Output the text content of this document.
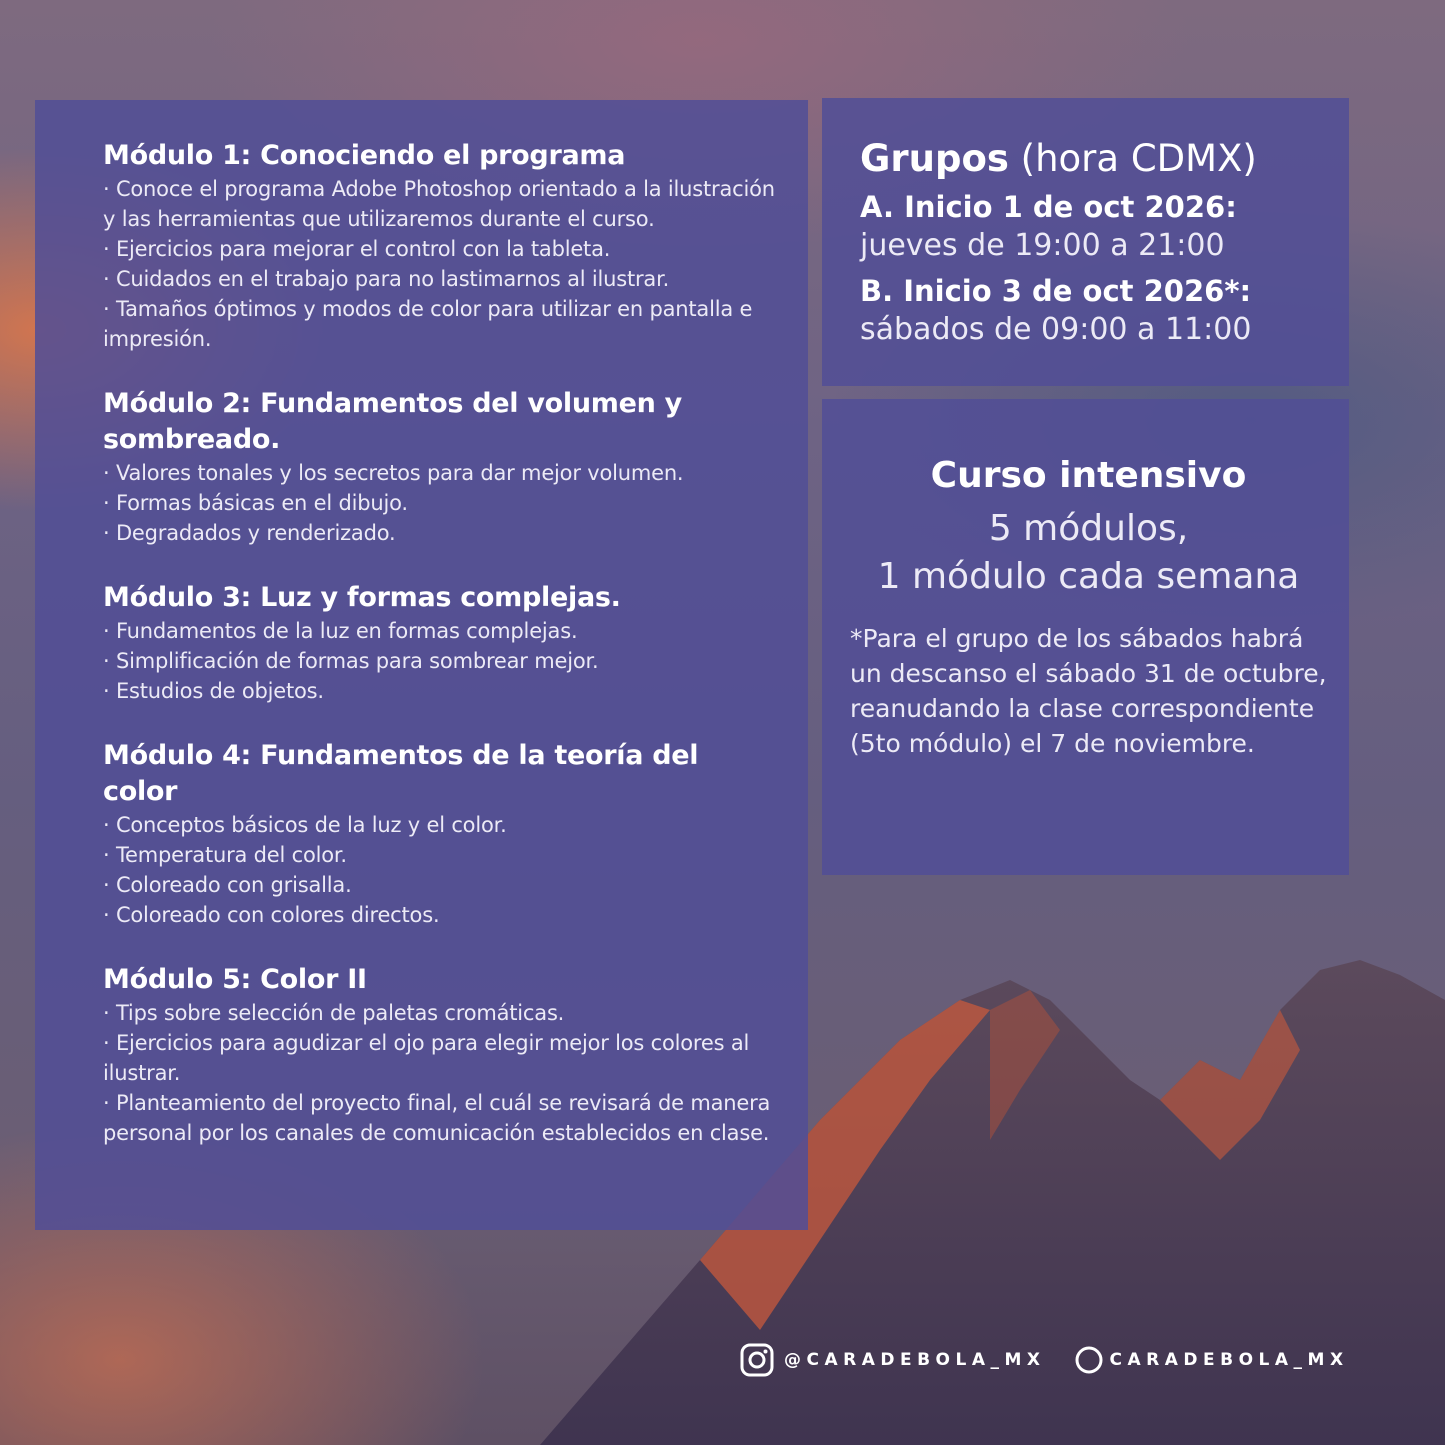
Módulo 1: Conociendo el programa
· Conoce el programa Adobe Photoshop orientado a la ilustración y las herramientas que utilizaremos durante el curso.
· Ejercicios para mejorar el control con la tableta.
· Cuidados en el trabajo para no lastimarnos al ilustrar.
· Tamaños óptimos y modos de color para utilizar en pantalla e impresión.
Módulo 2: Fundamentos del volumen y sombreado.
· Valores tonales y los secretos para dar mejor volumen.
· Formas básicas en el dibujo.
· Degradados y renderizado.
Módulo 3: Luz y formas complejas.
· Fundamentos de la luz en formas complejas.
· Simplificación de formas para sombrear mejor.
· Estudios de objetos.
Módulo 4: Fundamentos de la teoría del color
· Conceptos básicos de la luz y el color.
· Temperatura del color.
· Coloreado con grisalla.
· Coloreado con colores directos.
Módulo 5: Color II
· Tips sobre selección de paletas cromáticas.
· Ejercicios para agudizar el ojo para elegir mejor los colores al ilustrar.
· Planteamiento del proyecto final, el cuál se revisará de manera personal por los canales de comunicación establecidos en clase.
Grupos (hora CDMX)
A. Inicio 1 de oct 2026:
jueves de 19:00 a 21:00
B. Inicio 3 de oct 2026*:
sábados de 09:00 a 11:00
Curso intensivo
5 módulos,
1 módulo cada semana
*Para el grupo de los sábados habrá un descanso el sábado 31 de octubre, reanudando la clase correspondiente (5to módulo) el 7 de noviembre.
@CARADEBOLA_MX	CARADEBOLA_MX
